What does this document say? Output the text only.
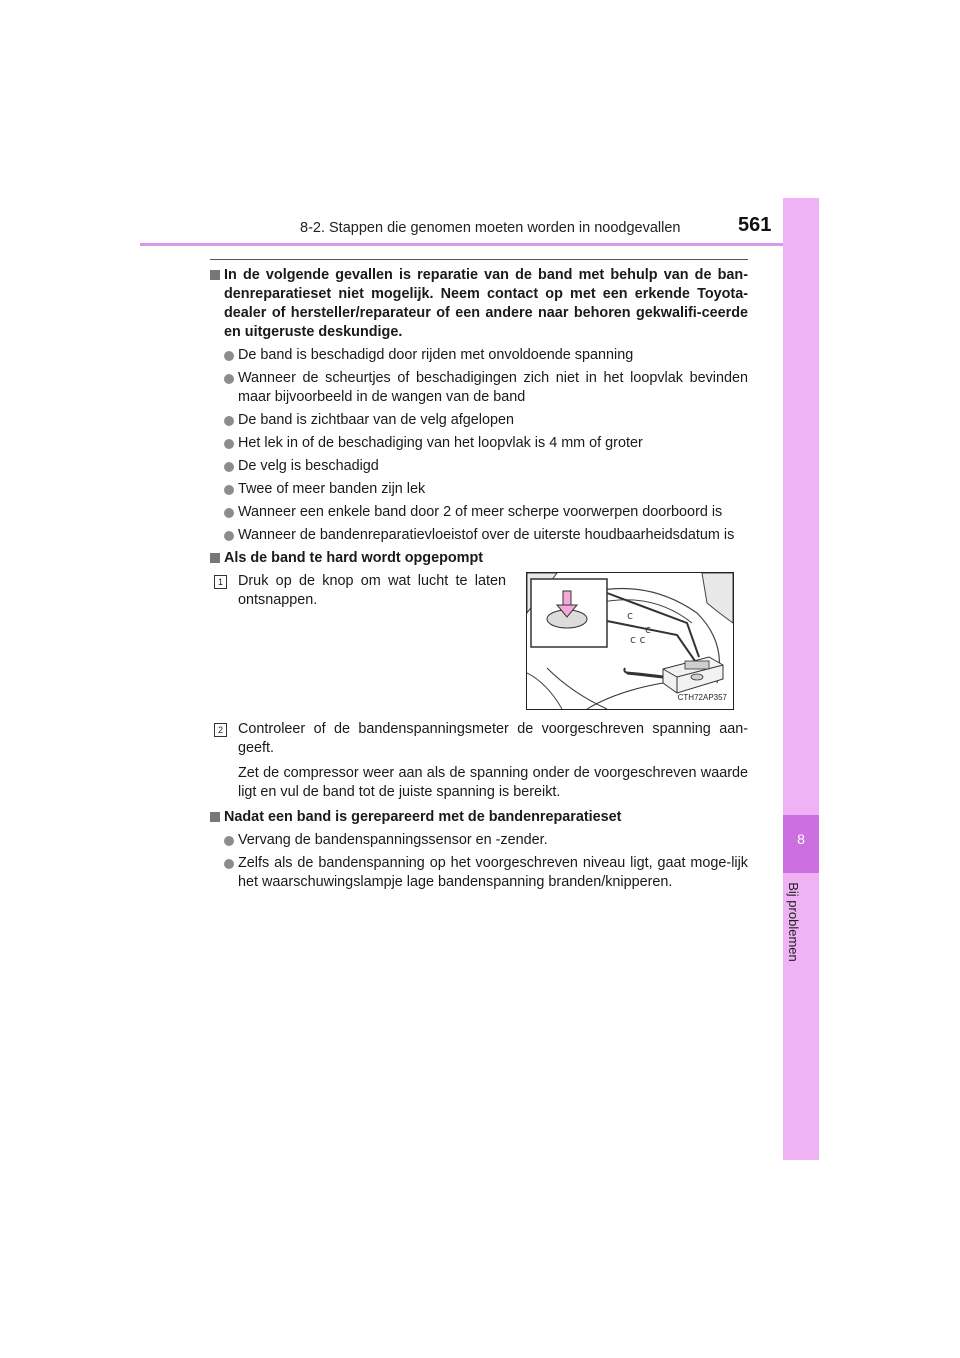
8-2. Stappen die genomen moeten worden in noodgevallen	561
8
Bij problemen
In de volgende gevallen is reparatie van de band met behulp van de ban-denreparatieset niet mogelijk. Neem contact op met een erkende Toyota-dealer of hersteller/reparateur of een andere naar behoren gekwalifi-ceerde en uitgeruste deskundige.
De band is beschadigd door rijden met onvoldoende spanning
Wanneer de scheurtjes of beschadigingen zich niet in het loopvlak bevinden maar bijvoorbeeld in de wangen van de band
De band is zichtbaar van de velg afgelopen
Het lek in of de beschadiging van het loopvlak is 4 mm of groter
De velg is beschadigd
Twee of meer banden zijn lek
Wanneer een enkele band door 2 of meer scherpe voorwerpen doorboord is
Wanneer de bandenreparatievloeistof over de uiterste houdbaarheidsdatum is
Als de band te hard wordt opgepompt
1 Druk op de knop om wat lucht te laten ontsnappen.
c
c c
c
CTH72AP357
2 Controleer of de bandenspanningsmeter de voorgeschreven spanning aan-geeft.
Zet de compressor weer aan als de spanning onder de voorgeschreven waarde ligt en vul de band tot de juiste spanning is bereikt.
Nadat een band is gerepareerd met de bandenreparatieset
Vervang de bandenspanningssensor en -zender.
Zelfs als de bandenspanning op het voorgeschreven niveau ligt, gaat moge-lijk het waarschuwingslampje lage bandenspanning branden/knipperen.
